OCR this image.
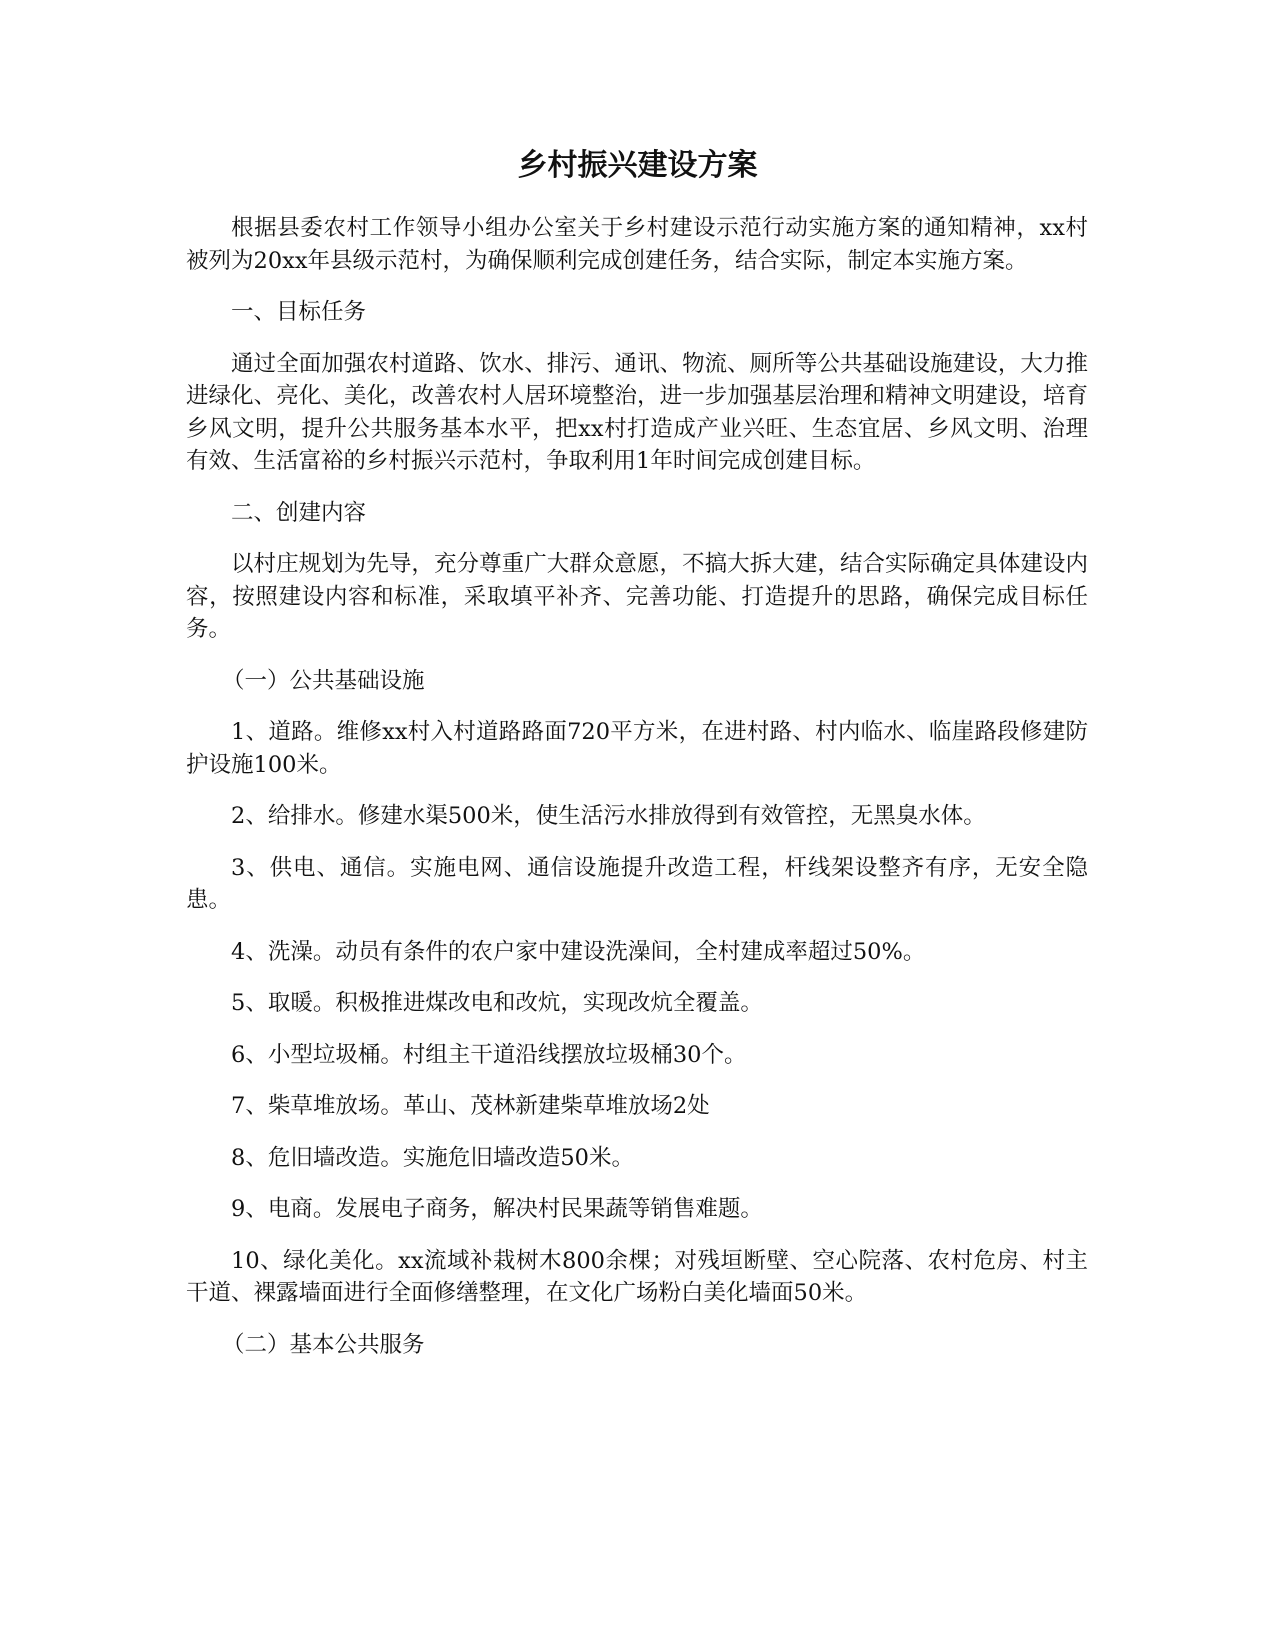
乡村振兴建设方案

根据县委农村工作领导小组办公室关于乡村建设示范行动实施方案的通知精神，xx村被列为20xx年县级示范村，为确保顺利完成创建任务，结合实际，制定本实施方案。

一、目标任务

通过全面加强农村道路、饮水、排污、通讯、物流、厕所等公共基础设施建设，大力推进绿化、亮化、美化，改善农村人居环境整治，进一步加强基层治理和精神文明建设，培育乡风文明，提升公共服务基本水平，把xx村打造成产业兴旺、生态宜居、乡风文明、治理有效、生活富裕的乡村振兴示范村，争取利用1年时间完成创建目标。

二、创建内容

以村庄规划为先导，充分尊重广大群众意愿，不搞大拆大建，结合实际确定具体建设内容，按照建设内容和标准，采取填平补齐、完善功能、打造提升的思路，确保完成目标任务。

（一）公共基础设施

1、道路。维修xx村入村道路路面720平方米，在进村路、村内临水、临崖路段修建防护设施100米。

2、给排水。修建水渠500米，使生活污水排放得到有效管控，无黑臭水体。

3、供电、通信。实施电网、通信设施提升改造工程，杆线架设整齐有序，无安全隐患。

4、洗澡。动员有条件的农户家中建设洗澡间，全村建成率超过50%。

5、取暖。积极推进煤改电和改炕，实现改炕全覆盖。

6、小型垃圾桶。村组主干道沿线摆放垃圾桶30个。

7、柴草堆放场。革山、茂林新建柴草堆放场2处

8、危旧墙改造。实施危旧墙改造50米。

9、电商。发展电子商务，解决村民果蔬等销售难题。

10、绿化美化。xx流域补栽树木800余棵；对残垣断壁、空心院落、农村危房、村主干道、裸露墙面进行全面修缮整理，在文化广场粉白美化墙面50米。

（二）基本公共服务
